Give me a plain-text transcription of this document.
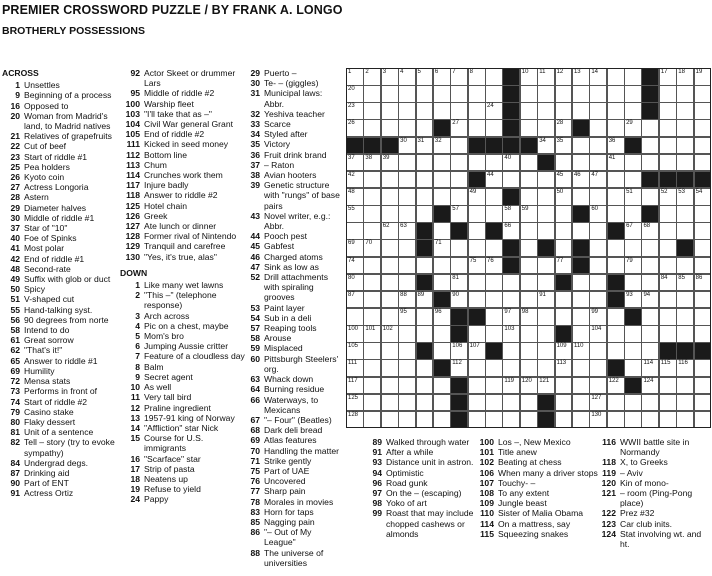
PREMIER CROSSWORD PUZZLE / BY FRANK A. LONGO
BROTHERLY POSSESSIONS
ACROSS
1 Unsettles
9 Beginning of a process
16 Opposed to
20 Woman from Madrid's land, to Madrid natives
21 Relatives of grapefruits
22 Cut of beef
23 Start of riddle #1
25 Pea holders
26 Kyoto coin
27 Actress Longoria
28 Astern
29 Diameter halves
30 Middle of riddle #1
37 Star of "10"
40 Foe of Spinks
41 Most polar
42 End of riddle #1
48 Second-rate
49 Suffix with glob or duct
50 Spicy
51 V-shaped cut
55 Hand-talking syst.
56 90 degrees from norte
58 Intend to do
61 Great sorrow
62 "That's it!"
65 Answer to riddle #1
69 Humility
72 Mensa stats
73 Performs in front of
74 Start of riddle #2
79 Casino stake
80 Flaky dessert
81 Unit of a sentence
82 Tell – story (try to evoke sympathy)
84 Undergrad degs.
87 Drinking aid
90 Part of ENT
91 Actress Ortiz
92 Actor Skeet or drummer Lars
95 Middle of riddle #2
100 Warship fleet
103 "I'll take that as –"
104 Civil War general Grant
105 End of riddle #2
111 Kicked in seed money
112 Bottom line
113 Chum
114 Crunches work them
117 Injure badly
118 Answer to riddle #2
125 Hotel chain
126 Greek
127 Ate lunch or dinner
128 Former rival of Nintendo
129 Tranquil and carefree
130 "Yes, it's true, alas"
DOWN
1 Like many wet lawns
2 "This –" (telephone response)
3 Arch across
4 Pic on a chest, maybe
5 Mom's bro
6 Jumping Aussie critter
7 Feature of a cloudless day
8 Balm
9 Secret agent
10 As well
11 Very tall bird
12 Praline ingredient
13 1957-91 king of Norway
14 "Affliction" star Nick
15 Course for U.S. immigrants
16 "Scarface" star
17 Strip of pasta
18 Neatens up
19 Refuse to yield
24 Pappy
29 Puerto –
30 Te- – (giggles)
31 Municipal laws: Abbr.
32 Yeshiva teacher
33 Scarce
34 Styled after
35 Victory
36 Fruit drink brand
37 – Raton
38 Avian hooters
39 Genetic structure with "rungs" of base pairs
43 Novel writer, e.g.: Abbr.
44 Pooch pest
45 Gabfest
46 Charged atoms
47 Sink as low as
52 Drill attachments with spiraling grooves
53 Paint layer
54 Sub in a deli
57 Reaping tools
58 Arouse
59 Misplaced
60 Pittsburgh Steelers' org.
63 Whack down
64 Burning residue
66 Waterways, to Mexicans
67 "– Four" (Beatles)
68 Dark deli bread
69 Atlas features
70 Handling the matter
71 Strike gently
75 Part of UAE
76 Uncovered
77 Sharp pain
78 Morales in movies
83 Horn for taps
85 Nagging pain
86 "– Out of My League"
88 The universe of universities
1 2 3 4 5 6 7 8	10 11 12 13 14	17 18 19
20
23	24
26	27	28	29
30 31 32	34 35	36
37 38 39	40	41
42	44	45 46 47
48	49	50	51	52 53 54
55	57	58 59	60
62 63	66	67 68
69 70	71
74	75 76	77	79
80	81	84 85 86
87	88 89	90	91	93 94
95	96	97 98	99
100 101 102	103	104
105	106 107	109 110
111	112	113	114 115 116
117	119 120 121	122	124
125	127
128	130
89 Walked through water
91 After a while
93 Distance unit in astron.
94 Optimistic
96 Road gunk
97 On the – (escaping)
98 Yoko of art
99 Roast that may include chopped cashews or almonds
100 Los –, New Mexico
101 Title anew
102 Beating at chess
106 When many a driver stops
107 Touchy- –
108 To any extent
109 Jungle beast
110 Sister of Malia Obama
114 On a mattress, say
115 Squeezing snakes
116 WWII battle site in Normandy
118 X, to Greeks
119 – Aviv
120 Kin of mono-
121 – room (Ping-Pong place)
122 Prez #32
123 Car club inits.
124 Stat involving wt. and ht.
